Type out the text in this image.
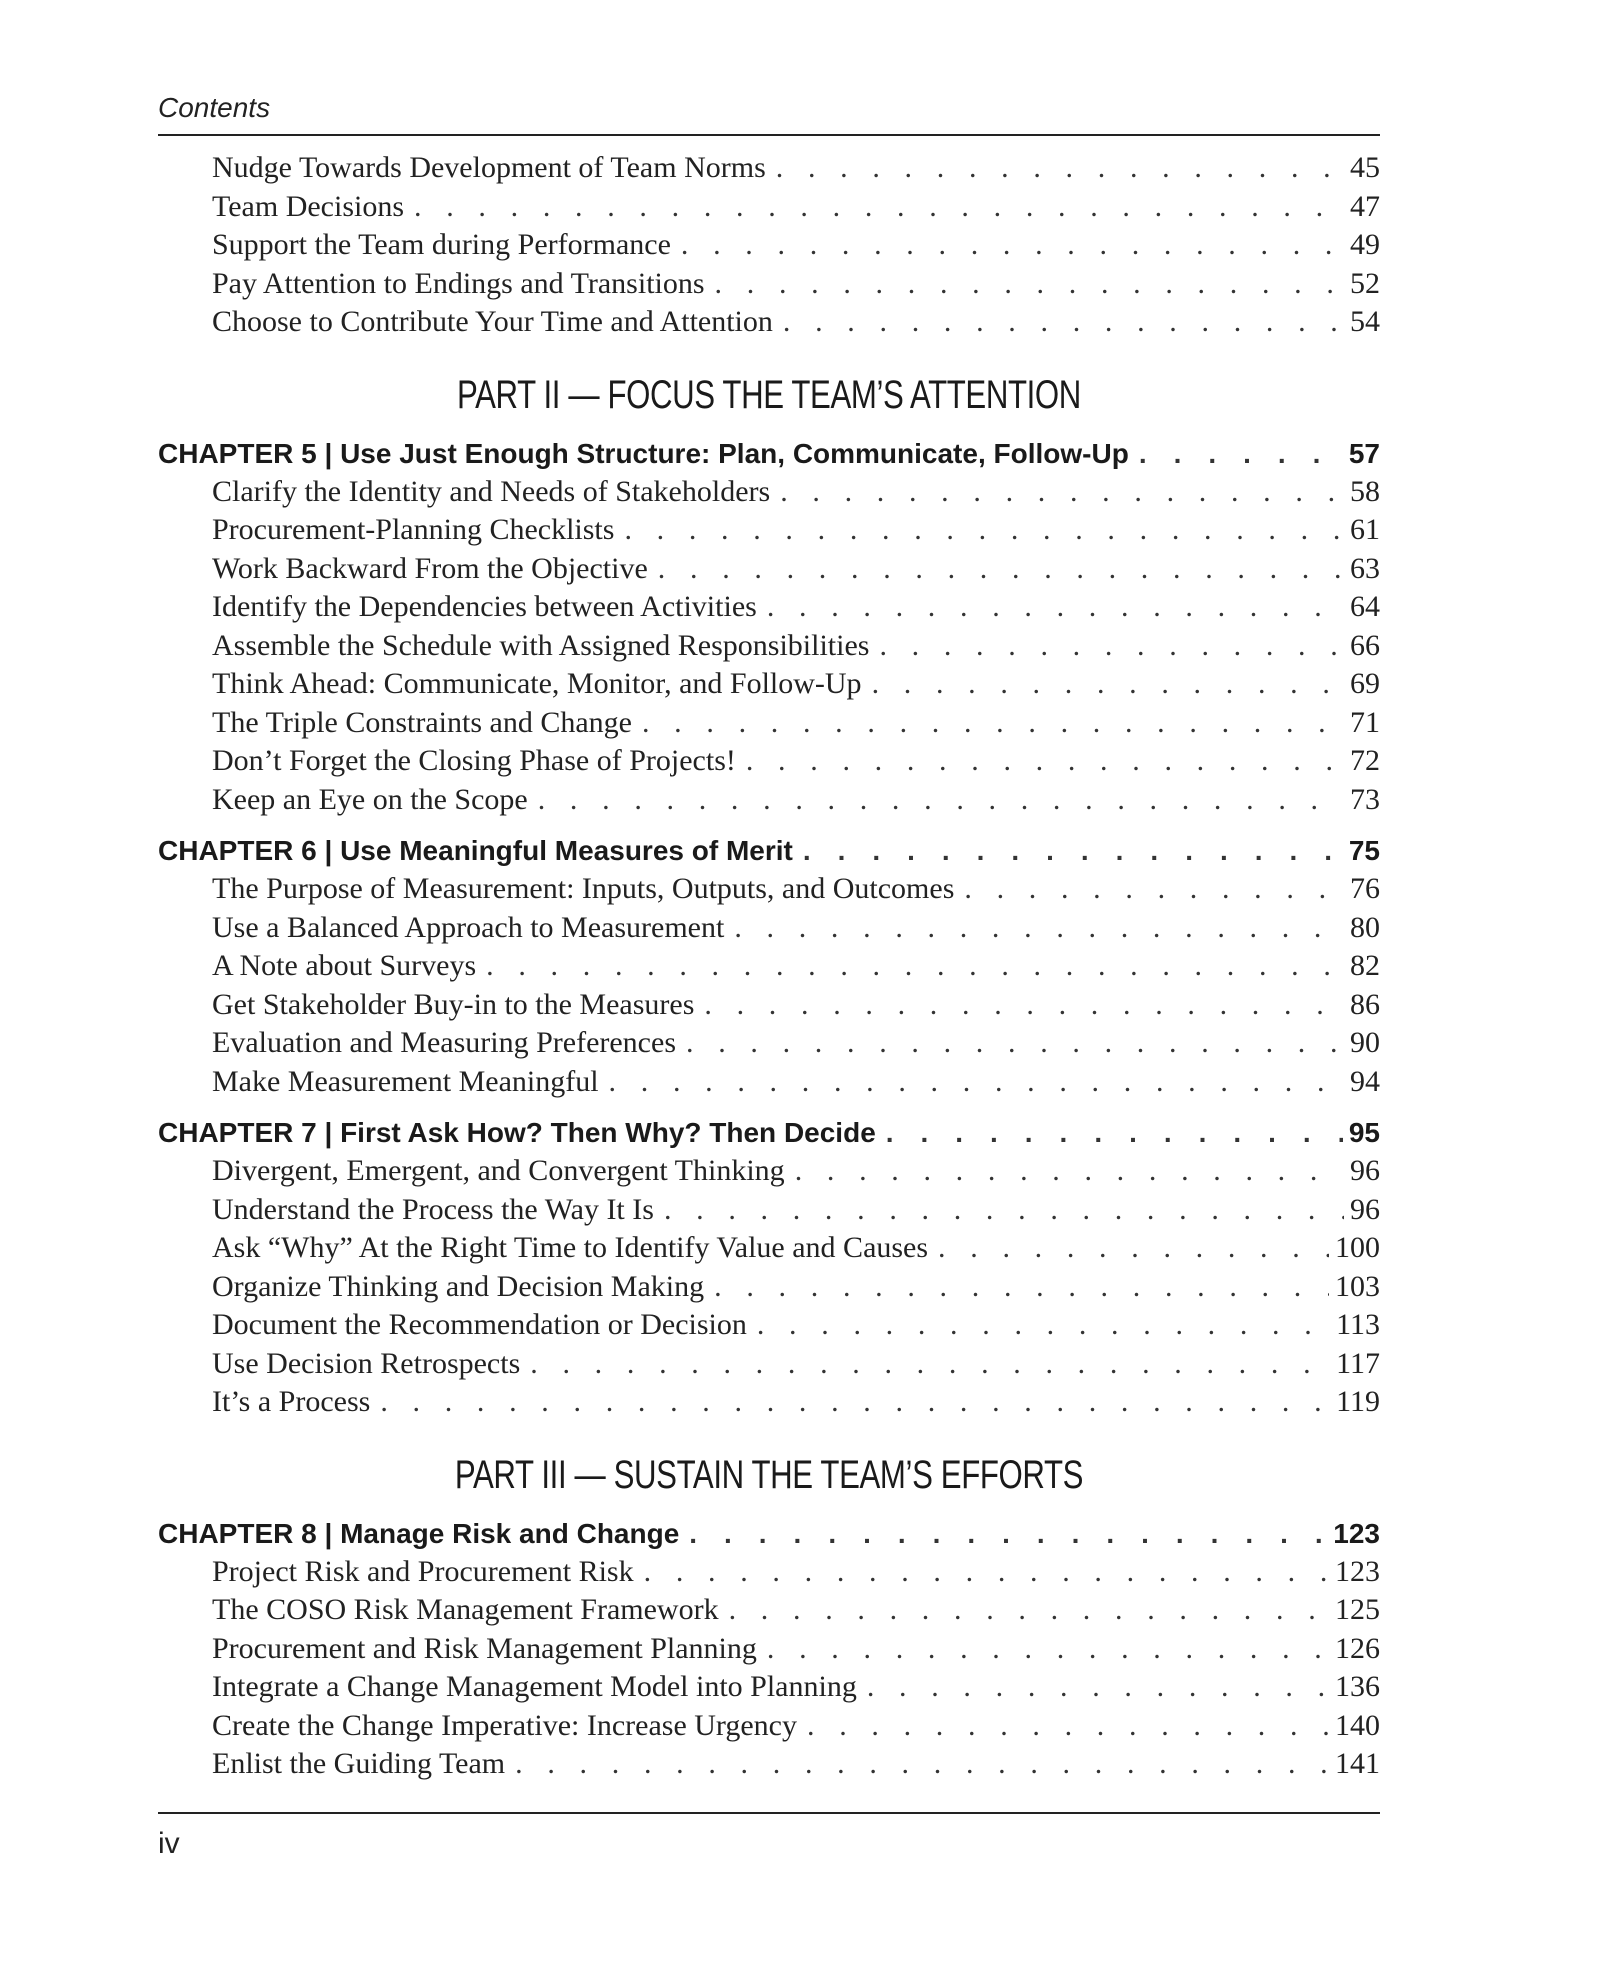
Contents
Nudge Towards Development of Team Norms . . .	45
Team Decisions . . .	47
Support the Team during Performance . . .	49
Pay Attention to Endings and Transitions . . .	52
Choose to Contribute Your Time and Attention . . .	54
PART II — FOCUS THE TEAM’S ATTENTION
CHAPTER 5 | Use Just Enough Structure: Plan, Communicate, Follow-Up . . .	57
Clarify the Identity and Needs of Stakeholders . . .	58
Procurement-Planning Checklists . . .	61
Work Backward From the Objective . . .	63
Identify the Dependencies between Activities . . .	64
Assemble the Schedule with Assigned Responsibilities . . .	66
Think Ahead: Communicate, Monitor, and Follow-Up . . .	69
The Triple Constraints and Change . . .	71
Don’t Forget the Closing Phase of Projects! . . .	72
Keep an Eye on the Scope . . .	73
CHAPTER 6 | Use Meaningful Measures of Merit . . .	75
The Purpose of Measurement: Inputs, Outputs, and Outcomes . . .	76
Use a Balanced Approach to Measurement . . .	80
A Note about Surveys . . .	82
Get Stakeholder Buy-in to the Measures . . .	86
Evaluation and Measuring Preferences . . .	90
Make Measurement Meaningful . . .	94
CHAPTER 7 | First Ask How? Then Why? Then Decide . . .	95
Divergent, Emergent, and Convergent Thinking . . .	96
Understand the Process the Way It Is . . .	96
Ask “Why” At the Right Time to Identify Value and Causes . . .	100
Organize Thinking and Decision Making . . .	103
Document the Recommendation or Decision . . .	113
Use Decision Retrospects . . .	117
It’s a Process . . .	119
PART III — SUSTAIN THE TEAM’S EFFORTS
CHAPTER 8 | Manage Risk and Change . . .	123
Project Risk and Procurement Risk . . .	123
The COSO Risk Management Framework . . .	125
Procurement and Risk Management Planning . . .	126
Integrate a Change Management Model into Planning . . .	136
Create the Change Imperative: Increase Urgency . . .	140
Enlist the Guiding Team . . .	141
iv
